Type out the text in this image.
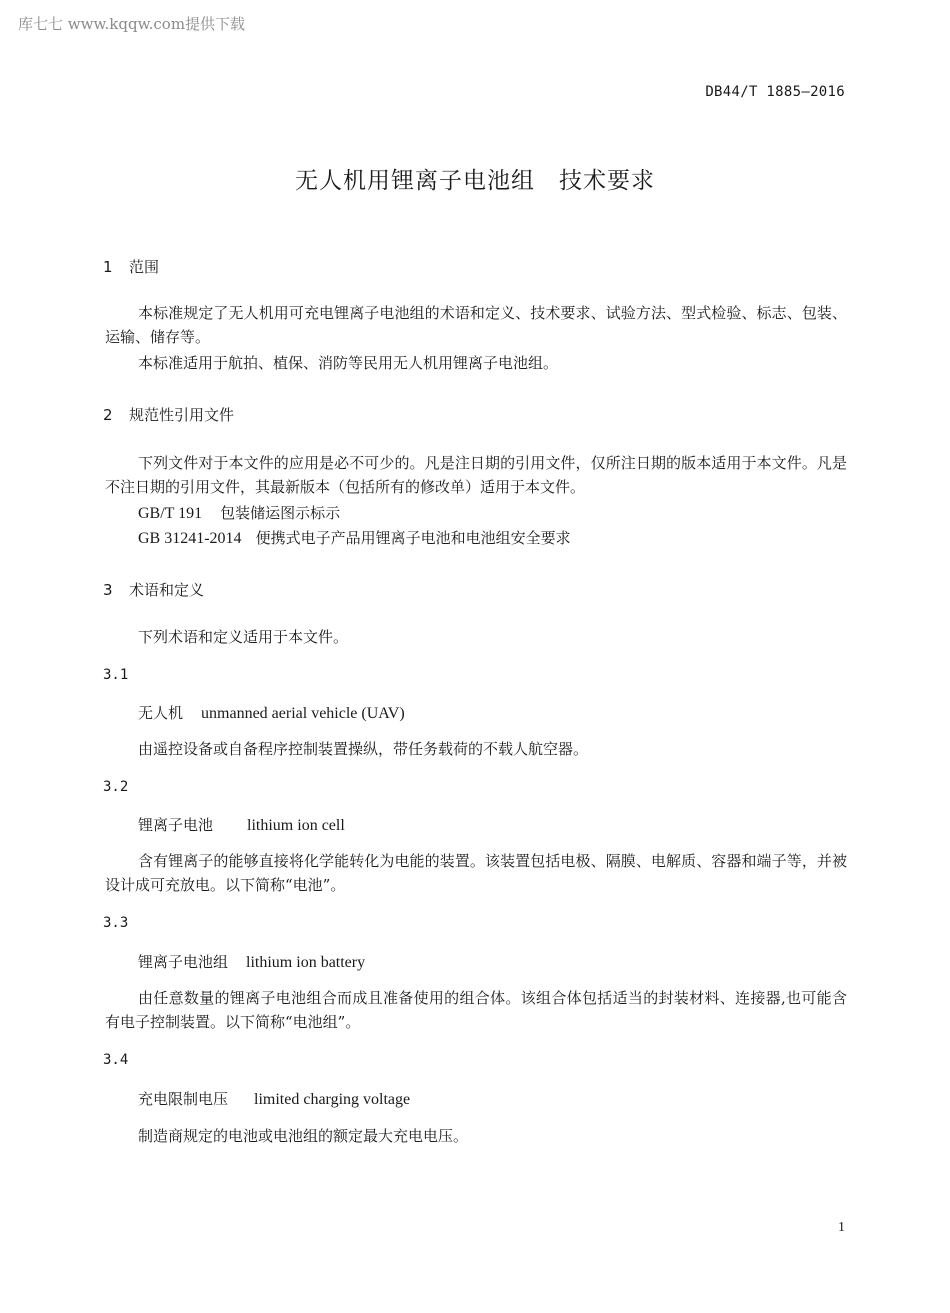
库七七 www.kqqw.com提供下载
DB44/T 1885—2016
无人机用锂离子电池组　技术要求
1 范围
本标准规定了无人机用可充电锂离子电池组的术语和定义、技术要求、试验方法、型式检验、标志、包装、运输、储存等。
本标准适用于航拍、植保、消防等民用无人机用锂离子电池组。
2 规范性引用文件
下列文件对于本文件的应用是必不可少的。凡是注日期的引用文件，仅所注日期的版本适用于本文件。凡是不注日期的引用文件，其最新版本（包括所有的修改单）适用于本文件。
GB/T 191 包装储运图示标示
GB 31241-2014 便携式电子产品用锂离子电池和电池组安全要求
3 术语和定义
下列术语和定义适用于本文件。
3.1
无人机 unmanned aerial vehicle (UAV)
由遥控设备或自备程序控制装置操纵，带任务载荷的不载人航空器。
3.2
锂离子电池 lithium ion cell
含有锂离子的能够直接将化学能转化为电能的装置。该装置包括电极、隔膜、电解质、容器和端子等，并被设计成可充放电。以下简称“电池”。
3.3
锂离子电池组 lithium ion battery
由任意数量的锂离子电池组合而成且准备使用的组合体。该组合体包括适当的封装材料、连接器,也可能含有电子控制装置。以下简称“电池组”。
3.4
充电限制电压 limited charging voltage
制造商规定的电池或电池组的额定最大充电电压。
1
